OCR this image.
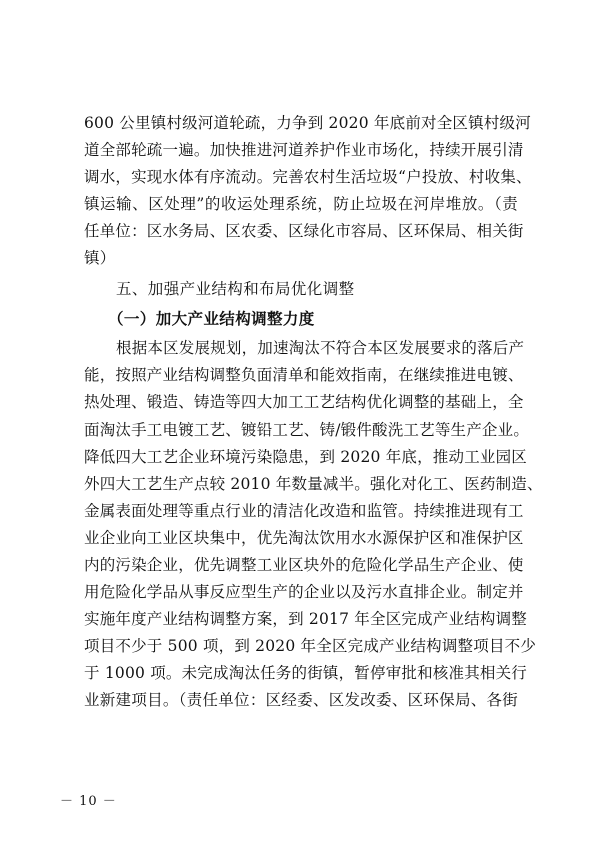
600 公里镇村级河道轮疏，力争到 2020 年底前对全区镇村级河
道全部轮疏一遍。加快推进河道养护作业市场化，持续开展引清
调水，实现水体有序流动。完善农村生活垃圾“户投放、村收集、
镇运输、区处理”的收运处理系统，防止垃圾在河岸堆放。（责
任单位：区水务局、区农委、区绿化市容局、区环保局、相关街
镇）
五、加强产业结构和布局优化调整
（一）加大产业结构调整力度
根据本区发展规划，加速淘汰不符合本区发展要求的落后产
能，按照产业结构调整负面清单和能效指南，在继续推进电镀、
热处理、锻造、铸造等四大加工工艺结构优化调整的基础上，全
面淘汰手工电镀工艺、镀铅工艺、铸/锻件酸洗工艺等生产企业。
降低四大工艺企业环境污染隐患，到 2020 年底，推动工业园区
外四大工艺生产点较 2010 年数量减半。强化对化工、医药制造、
金属表面处理等重点行业的清洁化改造和监管。持续推进现有工
业企业向工业区块集中，优先淘汰饮用水水源保护区和准保护区
内的污染企业，优先调整工业区块外的危险化学品生产企业、使
用危险化学品从事反应型生产的企业以及污水直排企业。制定并
实施年度产业结构调整方案，到 2017 年全区完成产业结构调整
项目不少于 500 项，到 2020 年全区完成产业结构调整项目不少
于 1000 项。未完成淘汰任务的街镇，暂停审批和核准其相关行
业新建项目。（责任单位：区经委、区发改委、区环保局、各街
－ 10 －
